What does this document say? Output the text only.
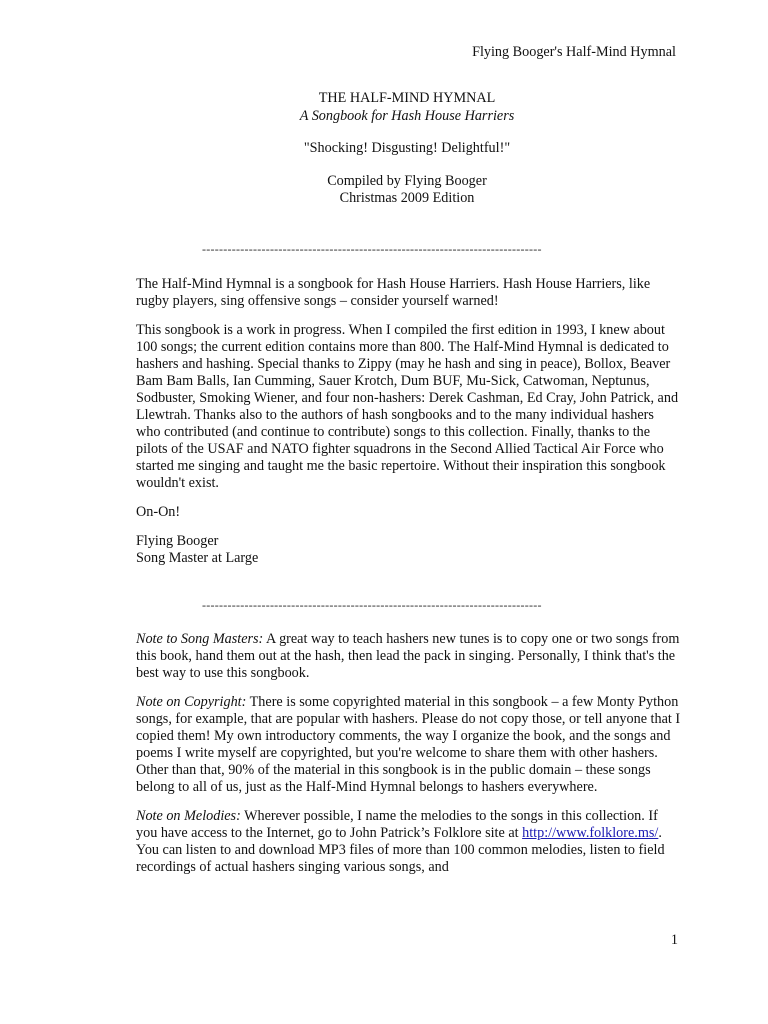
Flying Booger's Half-Mind Hymnal
THE HALF-MIND HYMNAL
A Songbook for Hash House Harriers
"Shocking! Disgusting! Delightful!"
Compiled by Flying Booger
Christmas 2009 Edition
--------------------------------------------------------------------------------

The Half-Mind Hymnal is a songbook for Hash House Harriers. Hash House Harriers, like rugby players, sing offensive songs – consider yourself warned!

This songbook is a work in progress. When I compiled the first edition in 1993, I knew about 100 songs; the current edition contains more than 800. The Half-Mind Hymnal is dedicated to hashers and hashing. Special thanks to Zippy (may he hash and sing in peace), Bollox, Beaver Bam Bam Balls, Ian Cumming, Sauer Krotch, Dum BUF, Mu-Sick, Catwoman, Neptunus, Sodbuster, Smoking Wiener, and four non-hashers: Derek Cashman, Ed Cray, John Patrick, and Llewtrah. Thanks also to the authors of hash songbooks and to the many individual hashers who contributed (and continue to contribute) songs to this collection. Finally, thanks to the pilots of the USAF and NATO fighter squadrons in the Second Allied Tactical Air Force who started me singing and taught me the basic repertoire. Without their inspiration this songbook wouldn't exist.

On-On!

Flying Booger
Song Master at Large
--------------------------------------------------------------------------------

Note to Song Masters: A great way to teach hashers new tunes is to copy one or two songs from this book, hand them out at the hash, then lead the pack in singing. Personally, I think that's the best way to use this songbook.

Note on Copyright: There is some copyrighted material in this songbook – a few Monty Python songs, for example, that are popular with hashers. Please do not copy those, or tell anyone that I copied them! My own introductory comments, the way I organize the book, and the songs and poems I write myself are copyrighted, but you're welcome to share them with other hashers. Other than that, 90% of the material in this songbook is in the public domain – these songs belong to all of us, just as the Half-Mind Hymnal belongs to hashers everywhere.

Note on Melodies: Wherever possible, I name the melodies to the songs in this collection. If you have access to the Internet, go to John Patrick’s Folklore site at http://www.folklore.ms/. You can listen to and download MP3 files of more than 100 common melodies, listen to field recordings of actual hashers singing various songs, and

1
